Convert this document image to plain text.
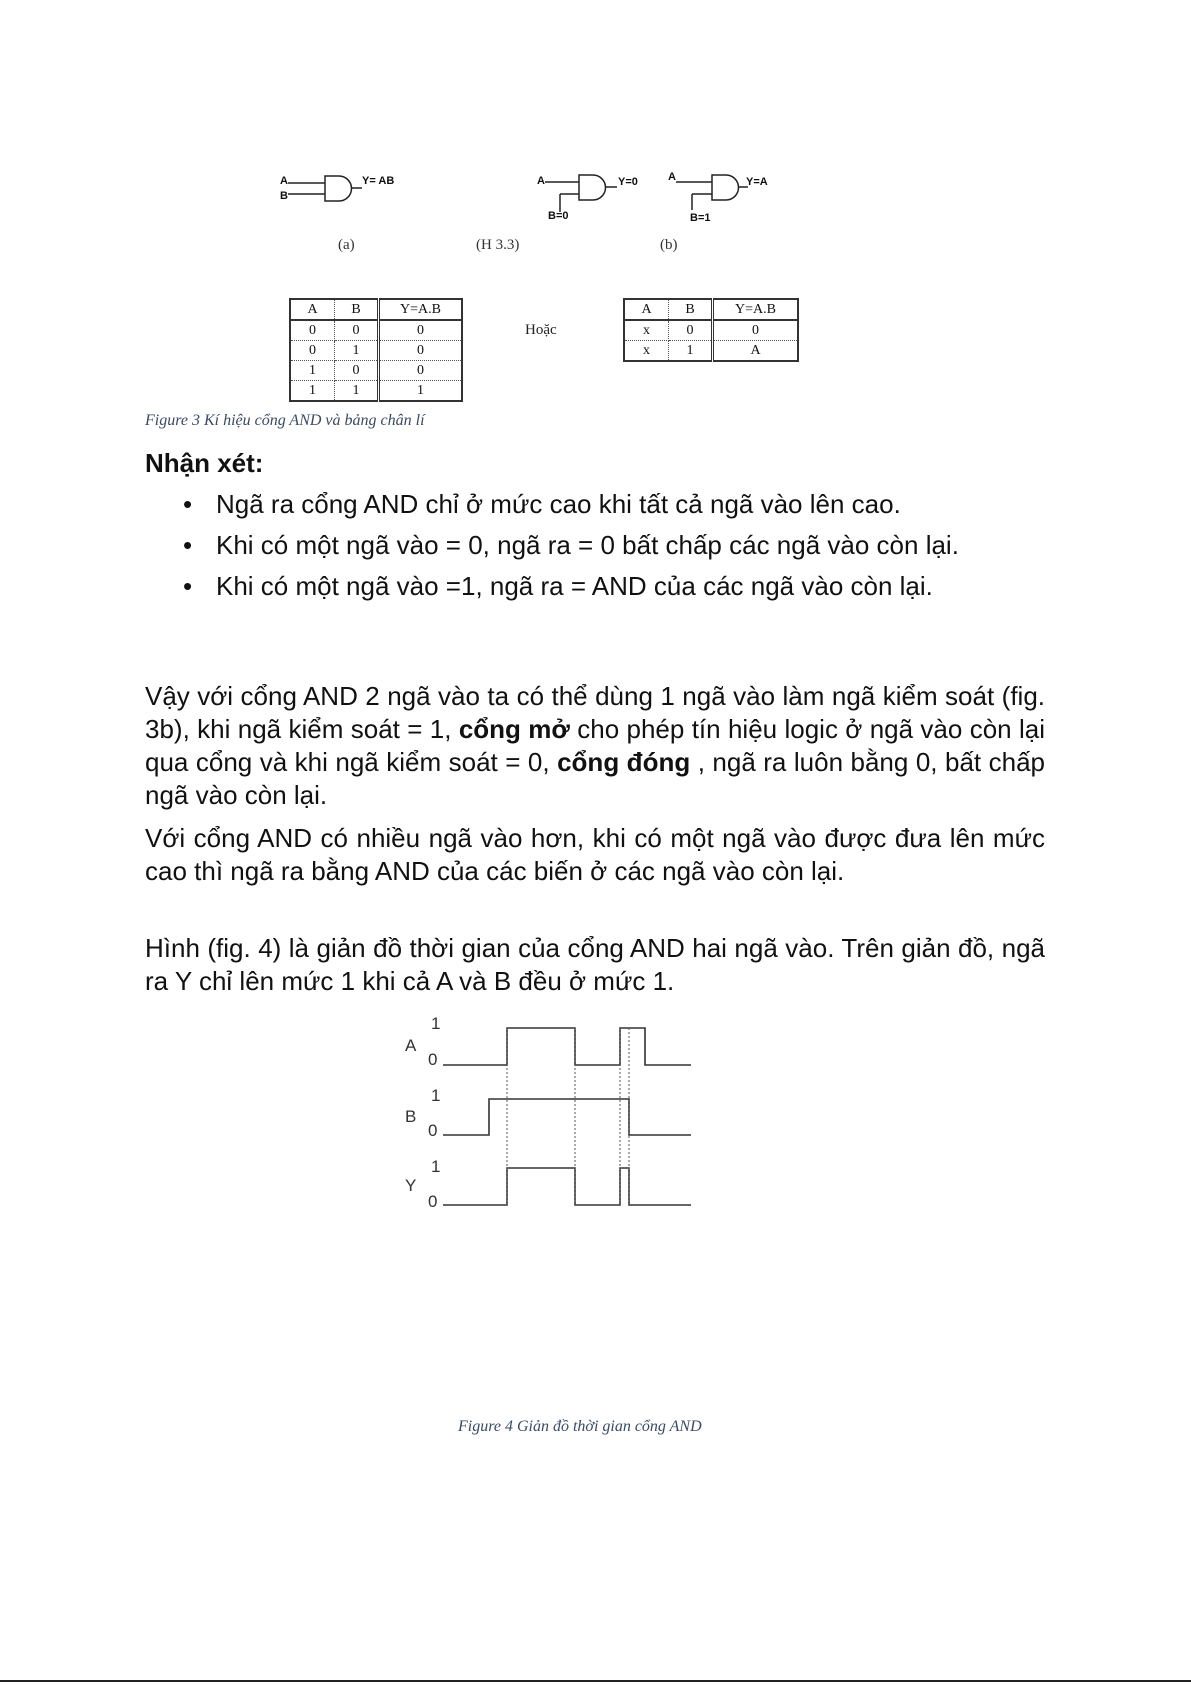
A
B
Y= AB	A
B=0
Y=0	A
B=1
Y=A
(a)	(H 3.3)	(b)
A	B	Y=A.B
0	0	0
0	1	0
1	0	0
1	1	1
Hoặc
A	B	Y=A.B
x	0	0
x	1	A
Figure 3 Kí hiệu cổng AND và bảng chân lí
Nhận xét:
• Ngã ra cổng AND chỉ ở mức cao khi tất cả ngã vào lên cao.
• Khi có một ngã vào = 0, ngã ra = 0 bất chấp các ngã vào còn lại.
• Khi có một ngã vào =1, ngã ra = AND của các ngã vào còn lại.

Vậy với cổng AND 2 ngã vào ta có thể dùng 1 ngã vào làm ngã kiểm soát (fig. 3b), khi ngã kiểm soát = 1, cổng mở cho phép tín hiệu logic ở ngã vào còn lại qua cổng và khi ngã kiểm soát = 0, cổng đóng , ngã ra luôn bằng 0, bất chấp ngã vào còn lại.

Với cổng AND có nhiều ngã vào hơn, khi có một ngã vào được đưa lên mức cao thì ngã ra bằng AND của các biến ở các ngã vào còn lại.

Hình (fig. 4) là giản đồ thời gian của cổng AND hai ngã vào. Trên giản đồ, ngã ra Y chỉ lên mức 1 khi cả A và B đều ở mức 1.

A
1
0
B
1
0
Y
1
0
Figure 4 Giản đồ thời gian cổng AND
